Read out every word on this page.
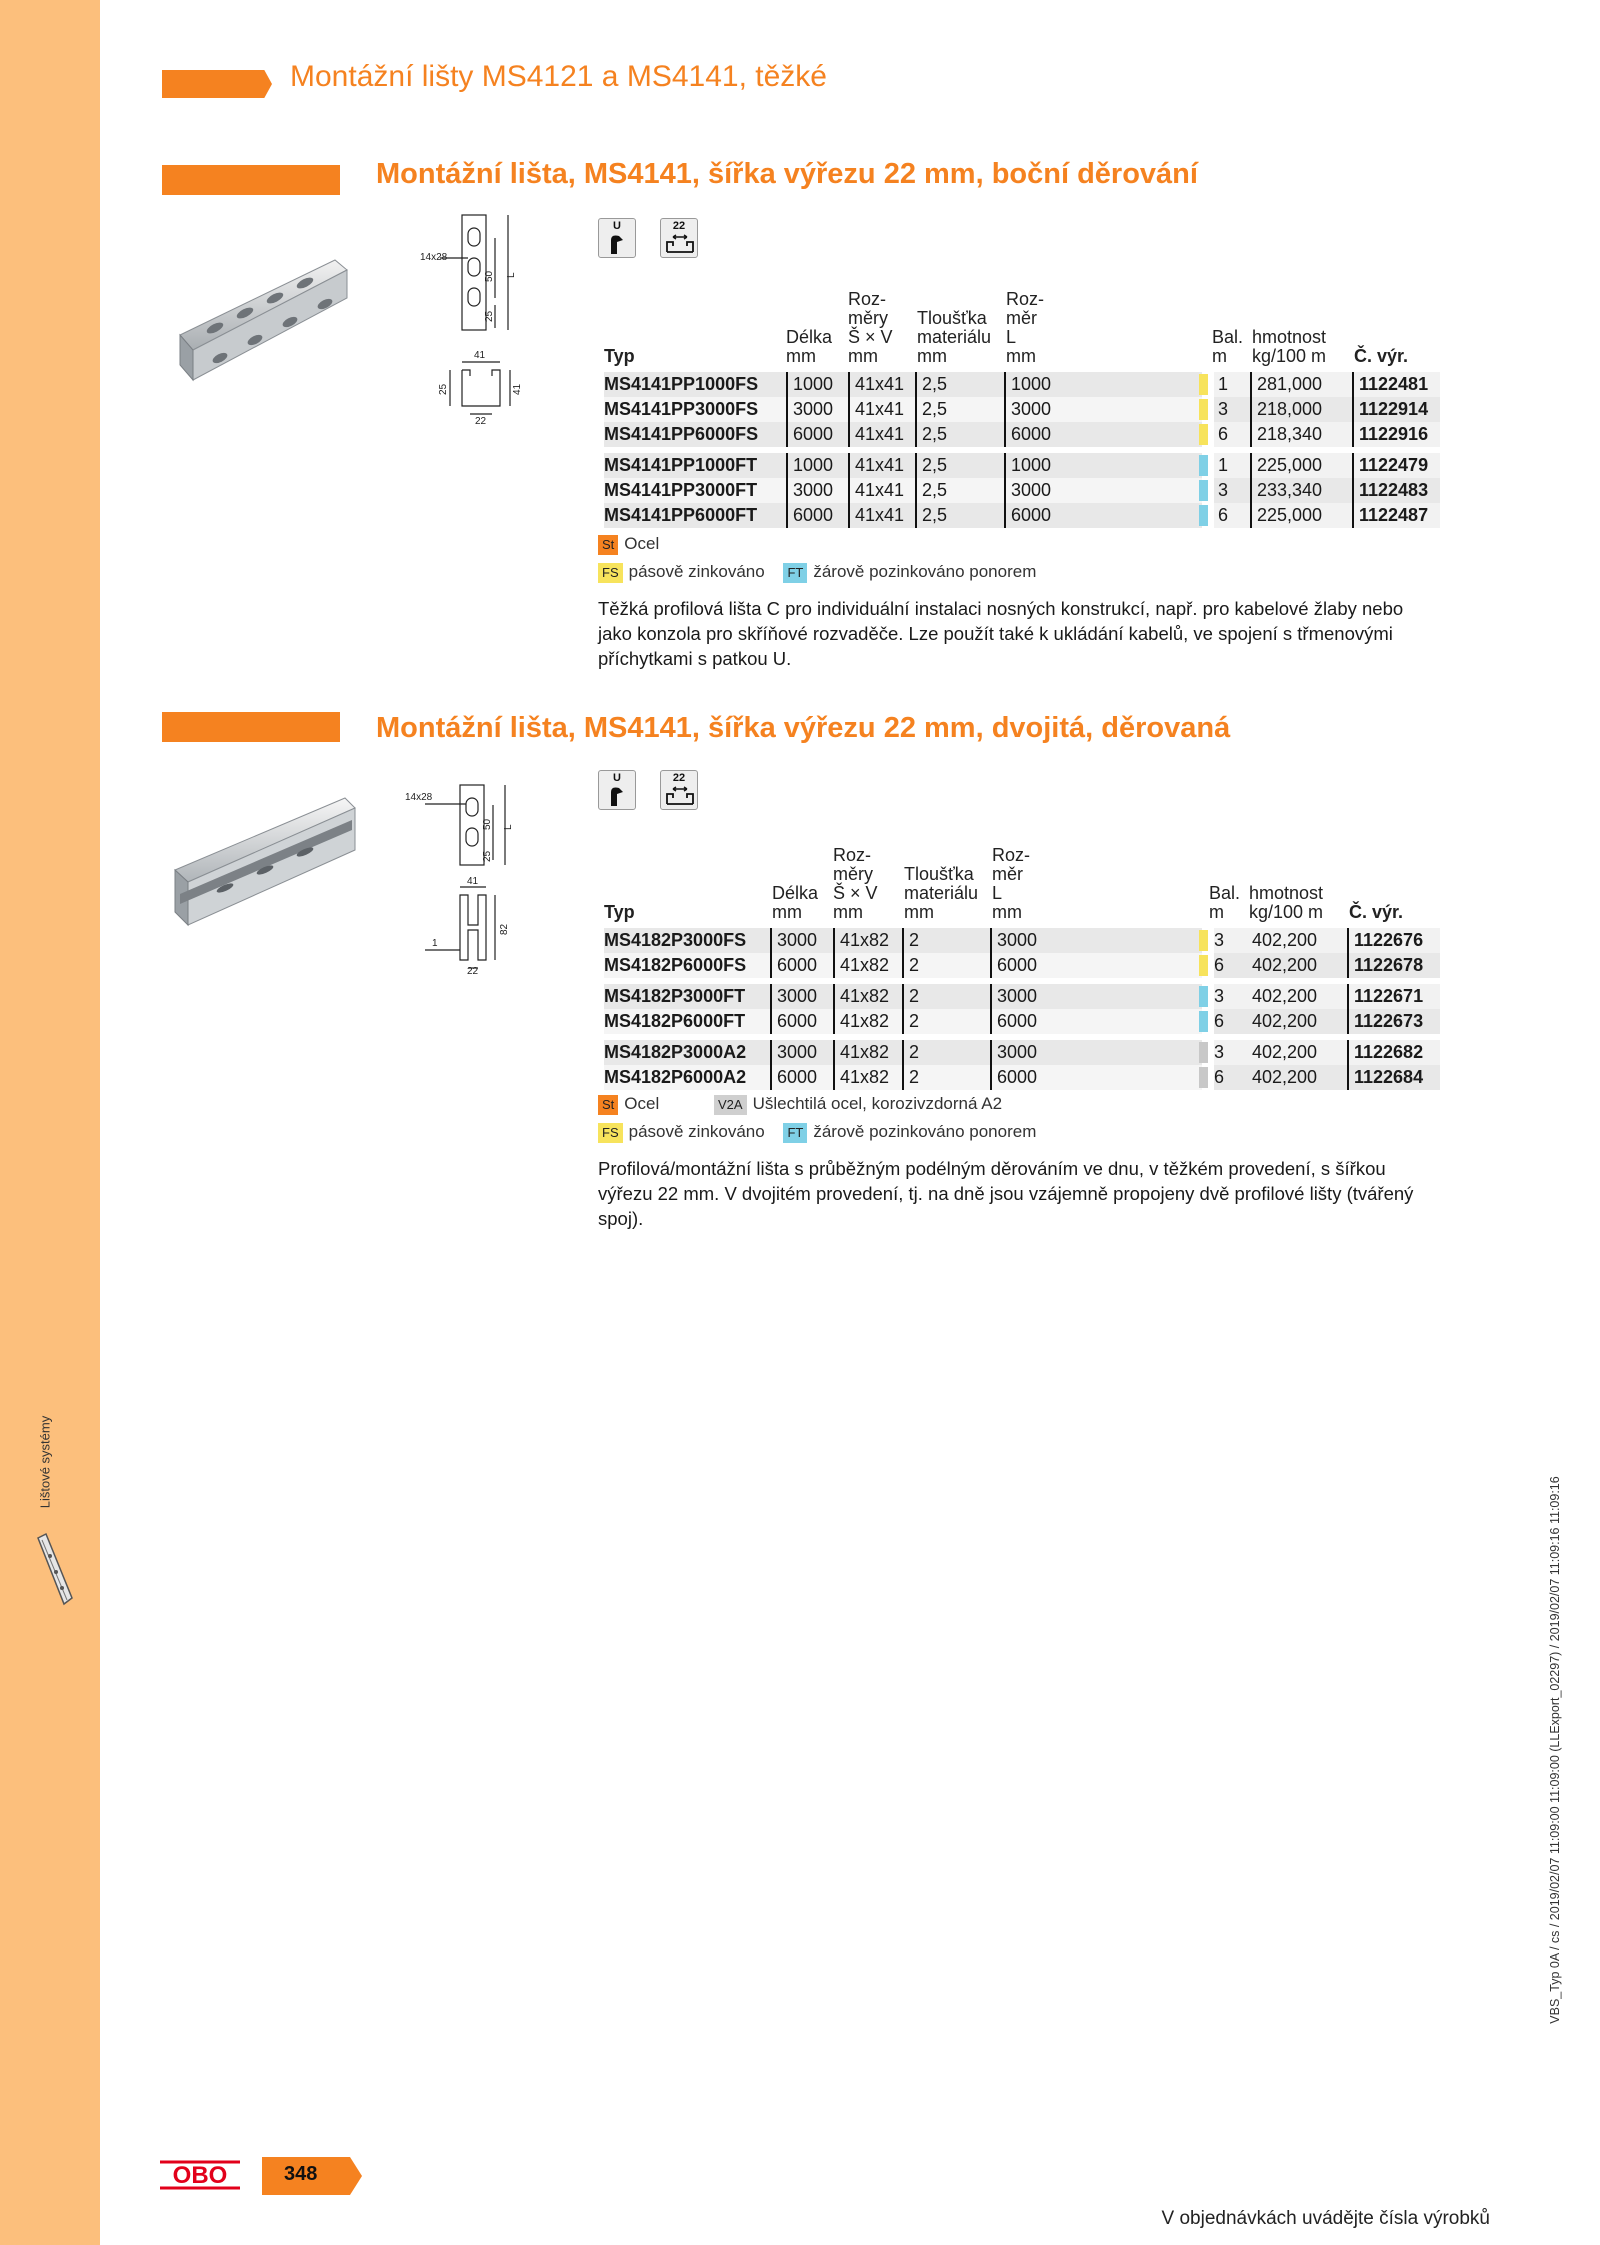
Lištové systémy
Montážní lišty MS4121 a MS4141, těžké
Montážní lišta, MS4141, šířka výřezu 22 mm, boční děrování
14x28
50
25
L
41
25	41
22
U	22
Typ
Délka
mm
Roz-
měry
Š × V
mm
Tloušťka
materiálu
mm
Roz-
měr
L
mm
Bal.
m
hmotnost
kg/100 m	Č. výr.
MS4141PP1000FS	1000	41x41 2,5	1000	1	281,000	1122481
MS4141PP3000FS	3000	41x41 2,5	3000	3	218,000	1122914
MS4141PP6000FS	6000	41x41 2,5	6000	6	218,340	1122916
MS4141PP1000FT	1000	41x41 2,5	1000	1	225,000	1122479
MS4141PP3000FT	3000	41x41 2,5	3000	3	233,340	1122483
MS4141PP6000FT	6000	41x41 2,5	6000	6	225,000	1122487
St Ocel
FS pásově zinkováno FT žárově pozinkováno ponorem
Těžká profilová lišta C pro individuální instalaci nosných konstrukcí, např. pro kabelové žlaby nebo jako konzola pro skříňové rozvaděče. Lze použít také k ukládání kabelů, ve spojení s třmenovými příchytkami s patkou U.
Montážní lišta, MS4141, šířka výřezu 22 mm, dvojitá, děrovaná
14x28
50
25
L
41
82
1
22
U	22
Typ
Délka
mm
Roz-
měry
Š × V
mm
Tloušťka
materiálu
mm
Roz-
měr
L
mm
Bal.
m
hmotnost
kg/100 m	Č. výr.
MS4182P3000FS	3000	41x82	2	3000	3 402,200	1122676
MS4182P6000FS	6000	41x82	2	6000	6 402,200	1122678
MS4182P3000FT	3000	41x82	2	3000	3 402,200	1122671
MS4182P6000FT	6000	41x82	2	6000	6 402,200	1122673
MS4182P3000A2	3000	41x82	2	3000	3 402,200	1122682
MS4182P6000A2	6000	41x82	2	6000	6 402,200	1122684
St Ocel	V2A Ušlechtilá ocel, korozivzdorná A2
FS pásově zinkováno FT žárově pozinkováno ponorem
Profilová/montážní lišta s průběžným podélným děrováním ve dnu, v těžkém provedení, s šířkou výřezu 22 mm. V dvojitém provedení, tj. na dně jsou vzájemně propojeny dvě profilové lišty (tvářený spoj).
OBO	348
V objednávkách uvádějte čísla výrobků
VBS_Typ 0A / cs / 2019/02/07 11:09:00 11:09:00 (LLExport_02297) / 2019/02/07 11:09:16 11:09:16
